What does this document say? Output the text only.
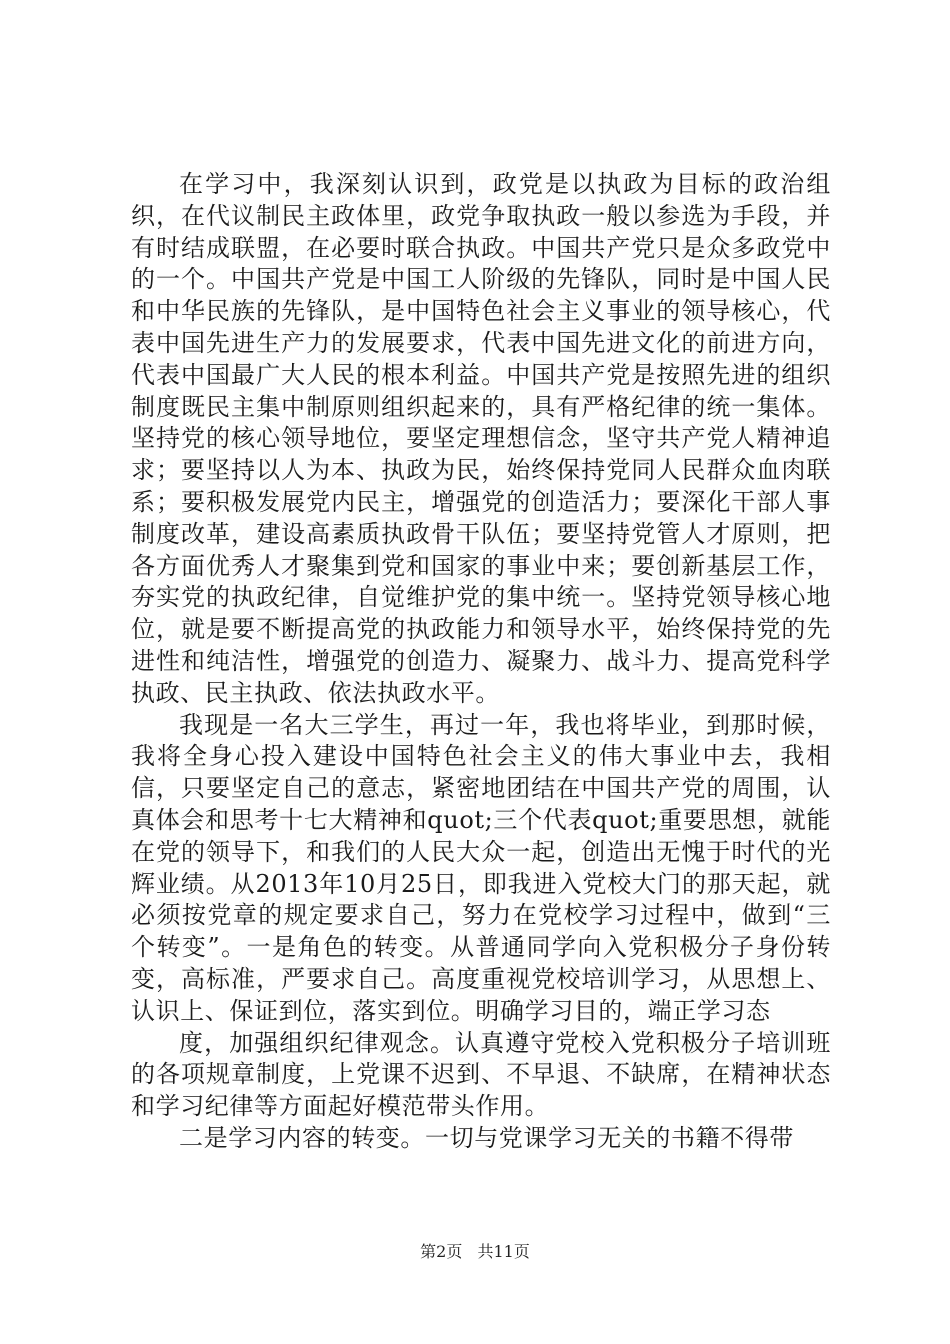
在学习中，我深刻认识到，政党是以执政为目标的政治组织，在代议制民主政体里，政党争取执政一般以参选为手段，并有时结成联盟，在必要时联合执政。中国共产党只是众多政党中的一个。中国共产党是中国工人阶级的先锋队，同时是中国人民和中华民族的先锋队，是中国特色社会主义事业的领导核心，代表中国先进生产力的发展要求，代表中国先进文化的前进方向，代表中国最广大人民的根本利益。中国共产党是按照先进的组织制度既民主集中制原则组织起来的，具有严格纪律的统一集体。坚持党的核心领导地位，要坚定理想信念，坚守共产党人精神追求；要坚持以人为本、执政为民，始终保持党同人民群众血肉联系；要积极发展党内民主，增强党的创造活力；要深化干部人事制度改革，建设高素质执政骨干队伍；要坚持党管人才原则，把各方面优秀人才聚集到党和国家的事业中来；要创新基层工作，夯实党的执政纪律，自觉维护党的集中统一。坚持党领导核心地位，就是要不断提高党的执政能力和领导水平，始终保持党的先进性和纯洁性，增强党的创造力、凝聚力、战斗力、提高党科学执政、民主执政、依法执政水平。

我现是一名大三学生，再过一年，我也将毕业，到那时候，我将全身心投入建设中国特色社会主义的伟大事业中去，我相信，只要坚定自己的意志，紧密地团结在中国共产党的周围，认真体会和思考十七大精神和quot;三个代表quot;重要思想，就能在党的领导下，和我们的人民大众一起，创造出无愧于时代的光辉业绩。从2013年10月25日，即我进入党校大门的那天起，就必须按党章的规定要求自己，努力在党校学习过程中，做到“三个转变”。一是角色的转变。从普通同学向入党积极分子身份转变，高标准，严要求自己。高度重视党校培训学习，从思想上、认识上、保证到位，落实到位。明确学习目的，端正学习态

度，加强组织纪律观念。认真遵守党校入党积极分子培训班的各项规章制度，上党课不迟到、不早退、不缺席，在精神状态和学习纪律等方面起好模范带头作用。

二是学习内容的转变。一切与党课学习无关的书籍不得带

第2页 共11页
